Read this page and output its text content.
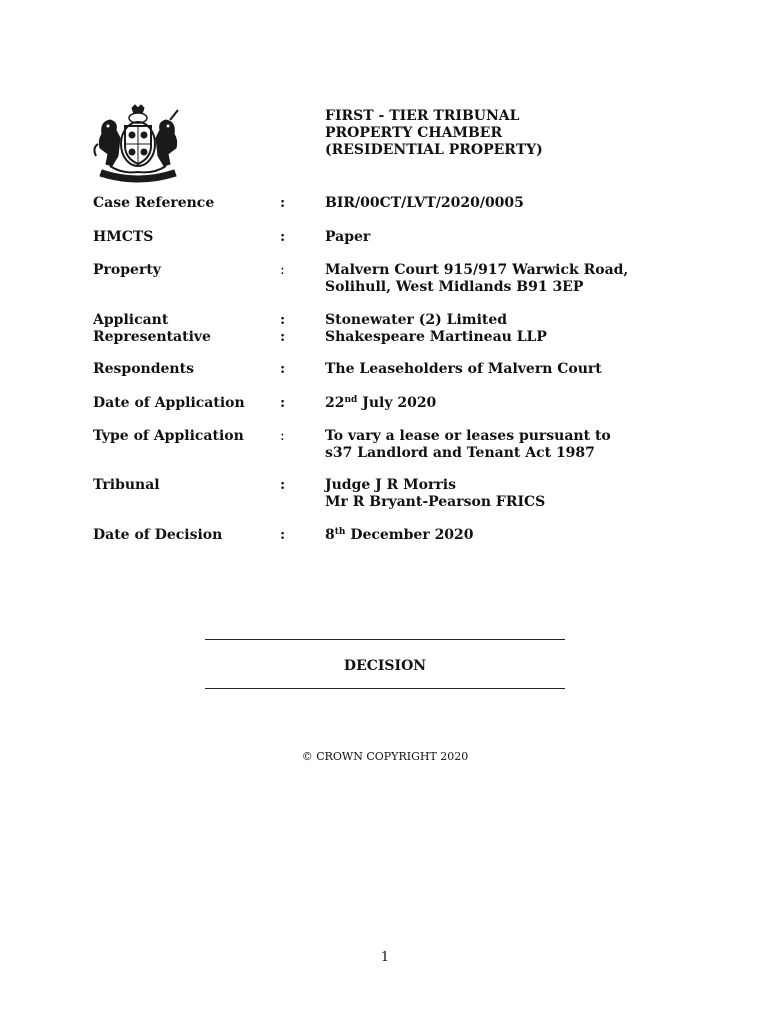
FIRST - TIER TRIBUNAL
PROPERTY CHAMBER
(RESIDENTIAL PROPERTY)
Case Reference	:	BIR/00CT/LVT/2020/0005
HMCTS	:	Paper
Property	:	Malvern Court 915/917 Warwick Road,
Solihull, West Midlands B91 3EP
Applicant	:	Stonewater (2) Limited
Representative	:	Shakespeare Martineau LLP
Respondents	:	The Leaseholders of Malvern Court
Date of Application	:	22nd July 2020
Type of Application	:	To vary a lease or leases pursuant to
s37 Landlord and Tenant Act 1987
Tribunal	:	Judge J R Morris
Mr R Bryant-Pearson FRICS
Date of Decision	:	8th December 2020
DECISION
© CROWN COPYRIGHT 2020
1
